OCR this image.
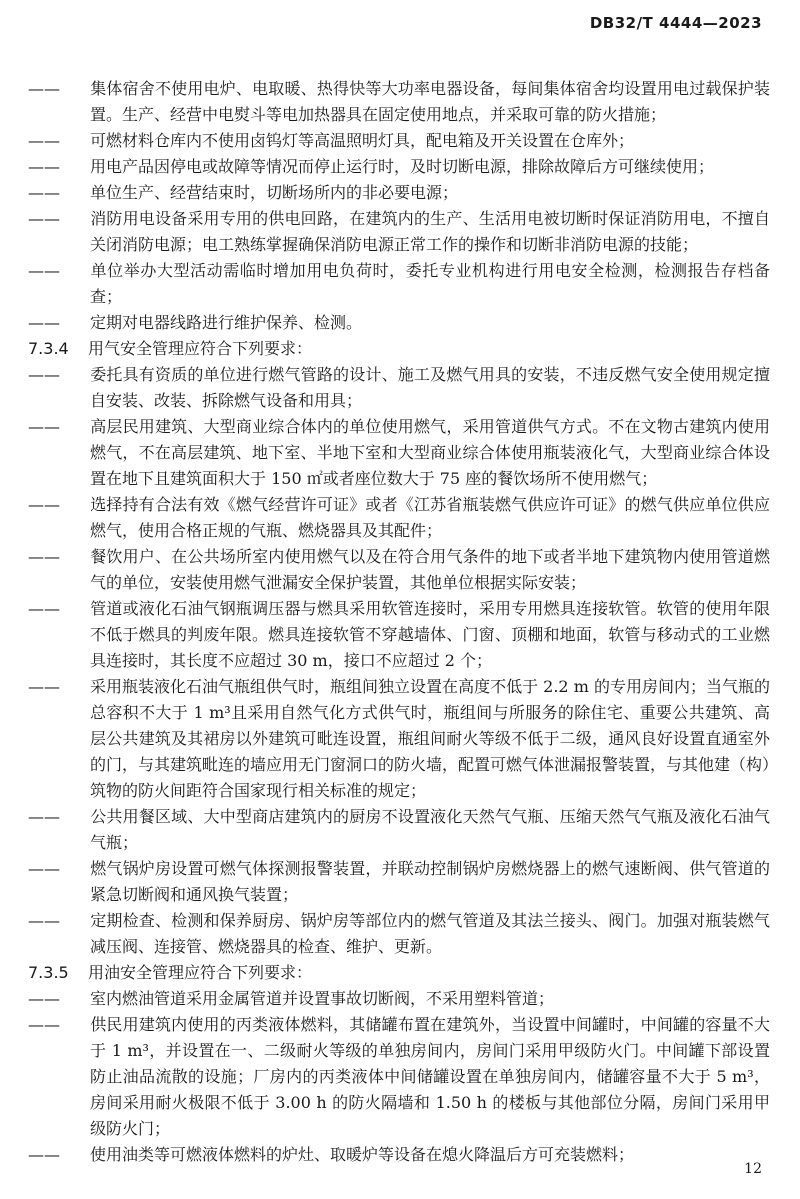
DB32/T 4444—2023

—— 集体宿舍不使用电炉、电取暖、热得快等大功率电器设备，每间集体宿舍均设置用电过载保护装置。生产、经营中电熨斗等电加热器具在固定使用地点，并采取可靠的防火措施；

—— 可燃材料仓库内不使用卤钨灯等高温照明灯具，配电箱及开关设置在仓库外；

—— 用电产品因停电或故障等情况而停止运行时，及时切断电源，排除故障后方可继续使用；

—— 单位生产、经营结束时，切断场所内的非必要电源；

—— 消防用电设备采用专用的供电回路，在建筑内的生产、生活用电被切断时保证消防用电，不擅自关闭消防电源；电工熟练掌握确保消防电源正常工作的操作和切断非消防电源的技能；

—— 单位举办大型活动需临时增加用电负荷时，委托专业机构进行用电安全检测，检测报告存档备查；

—— 定期对电器线路进行维护保养、检测。

7.3.4 用气安全管理应符合下列要求：

—— 委托具有资质的单位进行燃气管路的设计、施工及燃气用具的安装，不违反燃气安全使用规定擅自安装、改装、拆除燃气设备和用具；

—— 高层民用建筑、大型商业综合体内的单位使用燃气，采用管道供气方式。不在文物古建筑内使用燃气，不在高层建筑、地下室、半地下室和大型商业综合体使用瓶装液化气，大型商业综合体设置在地下且建筑面积大于 150 ㎡或者座位数大于 75 座的餐饮场所不使用燃气；

—— 选择持有合法有效《燃气经营许可证》或者《江苏省瓶装燃气供应许可证》的燃气供应单位供应燃气，使用合格正规的气瓶、燃烧器具及其配件；

—— 餐饮用户、在公共场所室内使用燃气以及在符合用气条件的地下或者半地下建筑物内使用管道燃气的单位，安装使用燃气泄漏安全保护装置，其他单位根据实际安装；

—— 管道或液化石油气钢瓶调压器与燃具采用软管连接时，采用专用燃具连接软管。软管的使用年限不低于燃具的判废年限。燃具连接软管不穿越墙体、门窗、顶棚和地面，软管与移动式的工业燃具连接时，其长度不应超过 30 m，接口不应超过 2 个；

—— 采用瓶装液化石油气瓶组供气时，瓶组间独立设置在高度不低于 2.2 m 的专用房间内；当气瓶的总容积不大于 1 m³且采用自然气化方式供气时，瓶组间与所服务的除住宅、重要公共建筑、高层公共建筑及其裙房以外建筑可毗连设置，瓶组间耐火等级不低于二级，通风良好设置直通室外的门，与其建筑毗连的墙应用无门窗洞口的防火墙，配置可燃气体泄漏报警装置，与其他建（构）筑物的防火间距符合国家现行相关标准的规定；

—— 公共用餐区域、大中型商店建筑内的厨房不设置液化天然气气瓶、压缩天然气气瓶及液化石油气气瓶；

—— 燃气锅炉房设置可燃气体探测报警装置，并联动控制锅炉房燃烧器上的燃气速断阀、供气管道的紧急切断阀和通风换气装置；

—— 定期检查、检测和保养厨房、锅炉房等部位内的燃气管道及其法兰接头、阀门。加强对瓶装燃气减压阀、连接管、燃烧器具的检查、维护、更新。

7.3.5 用油安全管理应符合下列要求：

—— 室内燃油管道采用金属管道并设置事故切断阀，不采用塑料管道；

—— 供民用建筑内使用的丙类液体燃料，其储罐布置在建筑外，当设置中间罐时，中间罐的容量不大于 1 m³，并设置在一、二级耐火等级的单独房间内，房间门采用甲级防火门。中间罐下部设置防止油品流散的设施；厂房内的丙类液体中间储罐设置在单独房间内，储罐容量不大于 5 m³，房间采用耐火极限不低于 3.00 h 的防火隔墙和 1.50 h 的楼板与其他部位分隔，房间门采用甲级防火门；

—— 使用油类等可燃液体燃料的炉灶、取暖炉等设备在熄火降温后方可充装燃料；

12
